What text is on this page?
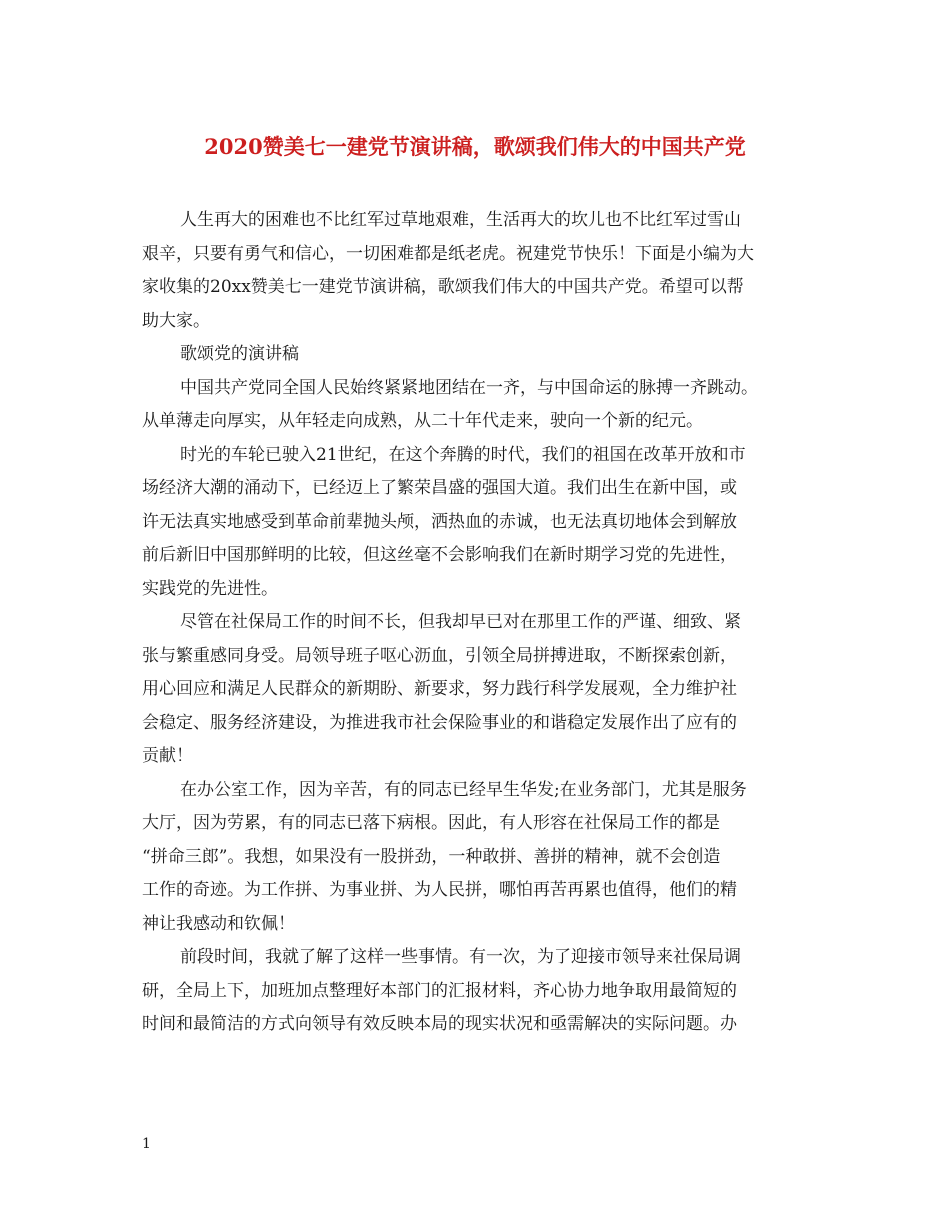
2020赞美七一建党节演讲稿，歌颂我们伟大的中国共产党
人生再大的困难也不比红军过草地艰难，生活再大的坎儿也不比红军过雪山
艰辛，只要有勇气和信心，一切困难都是纸老虎。祝建党节快乐！下面是小编为大
家收集的20xx赞美七一建党节演讲稿，歌颂我们伟大的中国共产党。希望可以帮
助大家。
歌颂党的演讲稿
中国共产党同全国人民始终紧紧地团结在一齐，与中国命运的脉搏一齐跳动。
从单薄走向厚实，从年轻走向成熟，从二十年代走来，驶向一个新的纪元。
时光的车轮已驶入21世纪，在这个奔腾的时代，我们的祖国在改革开放和市
场经济大潮的涌动下，已经迈上了繁荣昌盛的强国大道。我们出生在新中国，或
许无法真实地感受到革命前辈抛头颅，洒热血的赤诚，也无法真切地体会到解放
前后新旧中国那鲜明的比较，但这丝毫不会影响我们在新时期学习党的先进性，
实践党的先进性。
尽管在社保局工作的时间不长，但我却早已对在那里工作的严谨、细致、紧
张与繁重感同身受。局领导班子呕心沥血，引领全局拼搏进取，不断探索创新，
用心回应和满足人民群众的新期盼、新要求，努力践行科学发展观，全力维护社
会稳定、服务经济建设，为推进我市社会保险事业的和谐稳定发展作出了应有的
贡献！
在办公室工作，因为辛苦，有的同志已经早生华发;在业务部门，尤其是服务
大厅，因为劳累，有的同志已落下病根。因此，有人形容在社保局工作的都是
“拼命三郎”。我想，如果没有一股拼劲，一种敢拼、善拼的精神，就不会创造
工作的奇迹。为工作拼、为事业拼、为人民拼，哪怕再苦再累也值得，他们的精
神让我感动和钦佩！
前段时间，我就了解了这样一些事情。有一次，为了迎接市领导来社保局调
研，全局上下，加班加点整理好本部门的汇报材料，齐心协力地争取用最简短的
时间和最简洁的方式向领导有效反映本局的现实状况和亟需解决的实际问题。办
1
